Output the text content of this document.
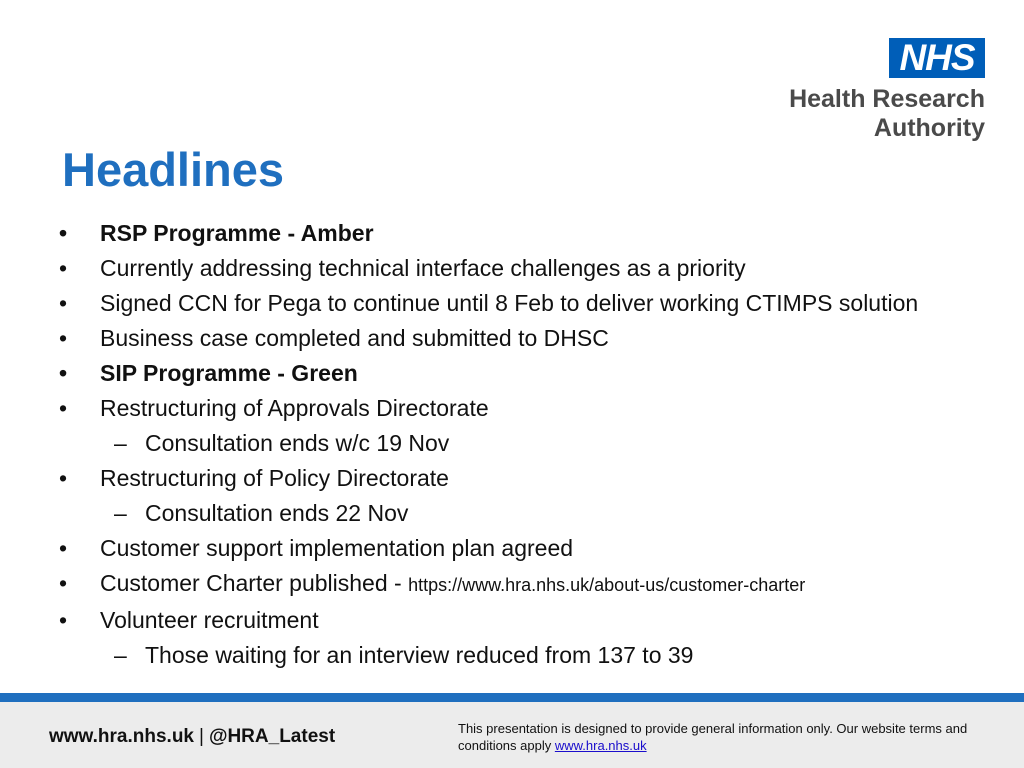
NHS
Health Research
Authority
Headlines
• RSP Programme - Amber
• Currently addressing technical interface challenges as a priority
• Signed CCN for Pega to continue until 8 Feb to deliver working CTIMPS solution
• Business case completed and submitted to DHSC
• SIP Programme - Green
• Restructuring of Approvals Directorate
– Consultation ends w/c 19 Nov
• Restructuring of Policy Directorate
– Consultation ends 22 Nov
• Customer support implementation plan agreed
• Customer Charter published - https://www.hra.nhs.uk/about-us/customer-charter
• Volunteer recruitment
– Those waiting for an interview reduced from 137 to 39
www.hra.nhs.uk | @HRA_Latest	This presentation is designed to provide general information only. Our website terms and conditions apply www.hra.nhs.uk
